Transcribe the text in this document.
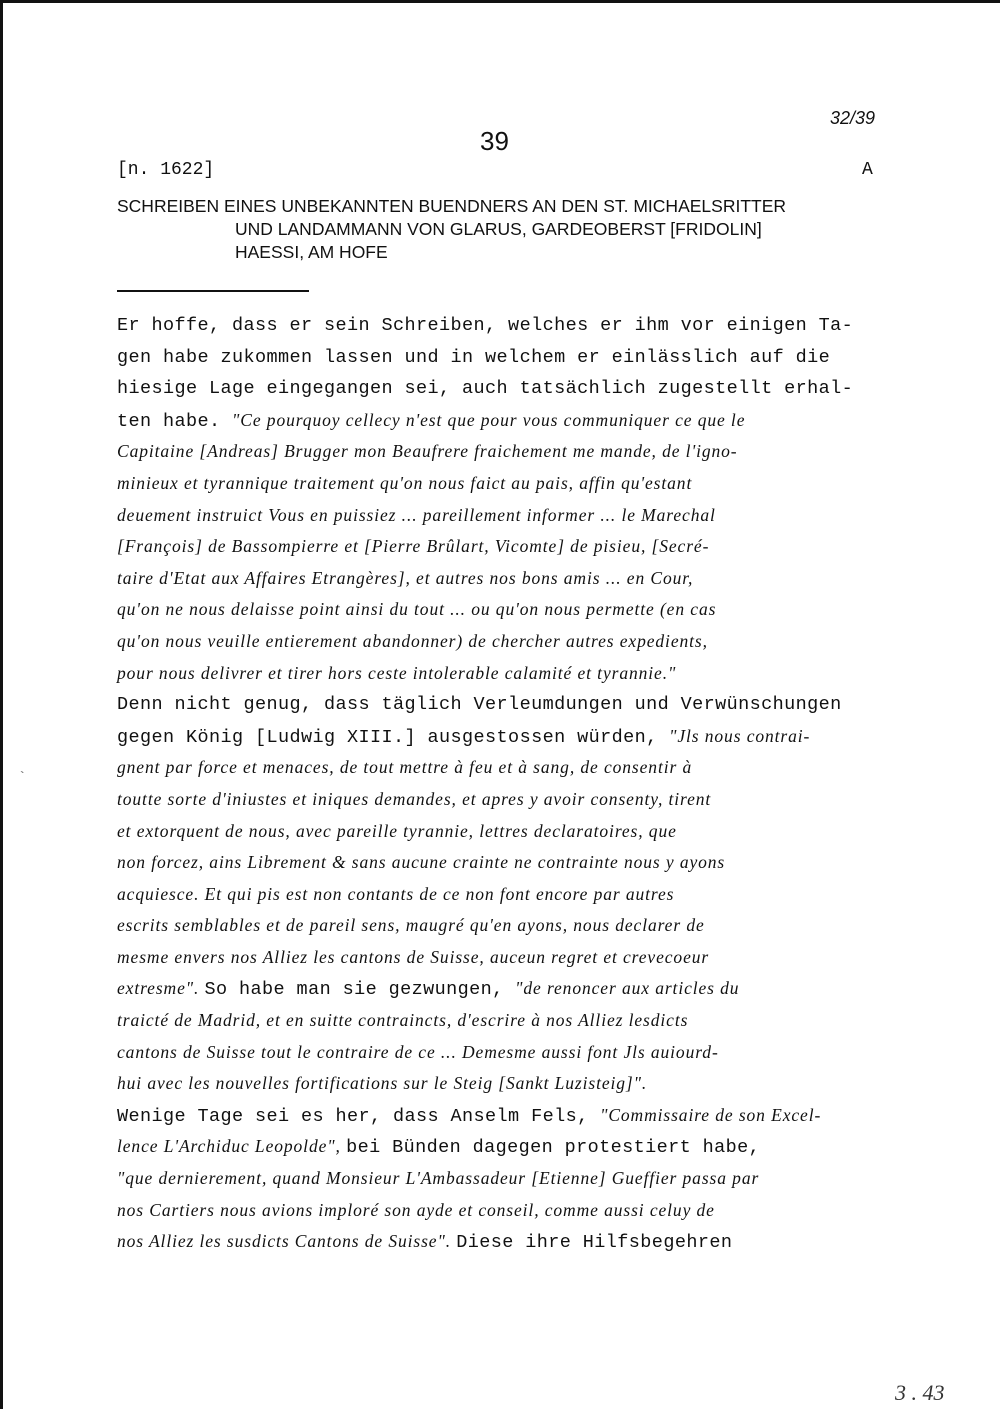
32/39
39
[n. 1622]	A
SCHREIBEN EINES UNBEKANNTEN BUENDNERS AN DEN ST. MICHAELSRITTER
UND LANDAMMANN VON GLARUS, GARDEOBERST [FRIDOLIN]
HAESSI, AM HOFE
Er hoffe, dass er sein Schreiben, welches er ihm vor einigen Ta-
gen habe zukommen lassen und in welchem er einlässlich auf die
hiesige Lage eingegangen sei, auch tatsächlich zugestellt erhal-
ten habe. "Ce pourquoy cellecy n'est que pour vous communiquer ce que le
Capitaine [Andreas] Brugger mon Beaufrere fraichement me mande, de l'igno-
minieux et tyrannique traitement qu'on nous faict au pais, affin qu'estant
deuement instruict Vous en puissiez ... pareillement informer ... le Marechal
[François] de Bassompierre et [Pierre Brûlart, Vicomte] de pisieu, [Secré-
taire d'Etat aux Affaires Etrangères], et autres nos bons amis ... en Cour,
qu'on ne nous delaisse point ainsi du tout ... ou qu'on nous permette (en cas
qu'on nous veuille entierement abandonner) de chercher autres expedients,
pour nous delivrer et tirer hors ceste intolerable calamité et tyrannie."
Denn nicht genug, dass täglich Verleumdungen und Verwünschungen
gegen König [Ludwig XIII.] ausgestossen würden, "Jls nous contrai-
gnent par force et menaces, de tout mettre à feu et à sang, de consentir à
toutte sorte d'iniustes et iniques demandes, et apres y avoir consenty, tirent
et extorquent de nous, avec pareille tyrannie, lettres declaratoires, que
non forcez, ains Librement & sans aucune crainte ne contrainte nous y ayons
acquiesce. Et qui pis est non contants de ce non font encore par autres
escrits semblables et de pareil sens, maugré qu'en ayons, nous declarer de
mesme envers nos Alliez les cantons de Suisse, auceun regret et crevecoeur
extresme". So habe man sie gezwungen, "de renoncer aux articles du
traicté de Madrid, et en suitte contraincts, d'escrire à nos Alliez lesdicts
cantons de Suisse tout le contraire de ce ... Demesme aussi font Jls auiourd-
hui avec les nouvelles fortifications sur le Steig [Sankt Luzisteig]".
Wenige Tage sei es her, dass Anselm Fels, "Commissaire de son Excel-
lence L'Archiduc Leopolde", bei Bünden dagegen protestiert habe,
"que dernierement, quand Monsieur L'Ambassadeur [Etienne] Gueffier passa par
nos Cartiers nous avions imploré son ayde et conseil, comme aussi celuy de
nos Alliez les susdicts Cantons de Suisse". Diese ihre Hilfsbegehren
`
3 . 43
